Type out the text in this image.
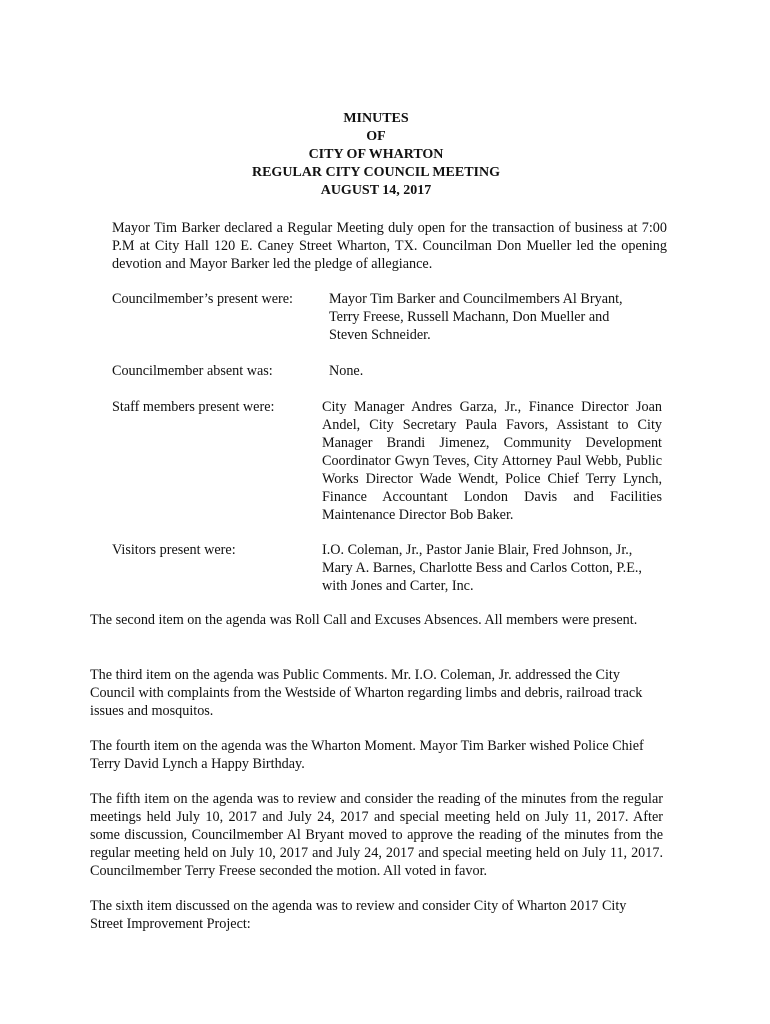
MINUTES
OF
CITY OF WHARTON
REGULAR CITY COUNCIL MEETING
AUGUST 14, 2017

Mayor Tim Barker declared a Regular Meeting duly open for the transaction of business at 7:00 P.M at City Hall 120 E. Caney Street Wharton, TX. Councilman Don Mueller led the opening devotion and Mayor Barker led the pledge of allegiance.

Councilmember’s present were:	Mayor Tim Barker and Councilmembers Al Bryant, Terry Freese, Russell Machann, Don Mueller and Steven Schneider.
Councilmember absent was:	None.
Staff members present were:	City Manager Andres Garza, Jr., Finance Director Joan Andel, City Secretary Paula Favors, Assistant to City Manager Brandi Jimenez, Community Development Coordinator Gwyn Teves, City Attorney Paul Webb, Public Works Director Wade Wendt, Police Chief Terry Lynch, Finance Accountant London Davis and Facilities Maintenance Director Bob Baker.
Visitors present were:	I.O. Coleman, Jr., Pastor Janie Blair, Fred Johnson, Jr., Mary A. Barnes, Charlotte Bess and Carlos Cotton, P.E., with Jones and Carter, Inc.

The second item on the agenda was Roll Call and Excuses Absences. All members were present.

The third item on the agenda was Public Comments. Mr. I.O. Coleman, Jr. addressed the City Council with complaints from the Westside of Wharton regarding limbs and debris, railroad track issues and mosquitos.

The fourth item on the agenda was the Wharton Moment. Mayor Tim Barker wished Police Chief Terry David Lynch a Happy Birthday.

The fifth item on the agenda was to review and consider the reading of the minutes from the regular meetings held July 10, 2017 and July 24, 2017 and special meeting held on July 11, 2017. After some discussion, Councilmember Al Bryant moved to approve the reading of the minutes from the regular meeting held on July 10, 2017 and July 24, 2017 and special meeting held on July 11, 2017. Councilmember Terry Freese seconded the motion. All voted in favor.

The sixth item discussed on the agenda was to review and consider City of Wharton 2017 City Street Improvement Project:
